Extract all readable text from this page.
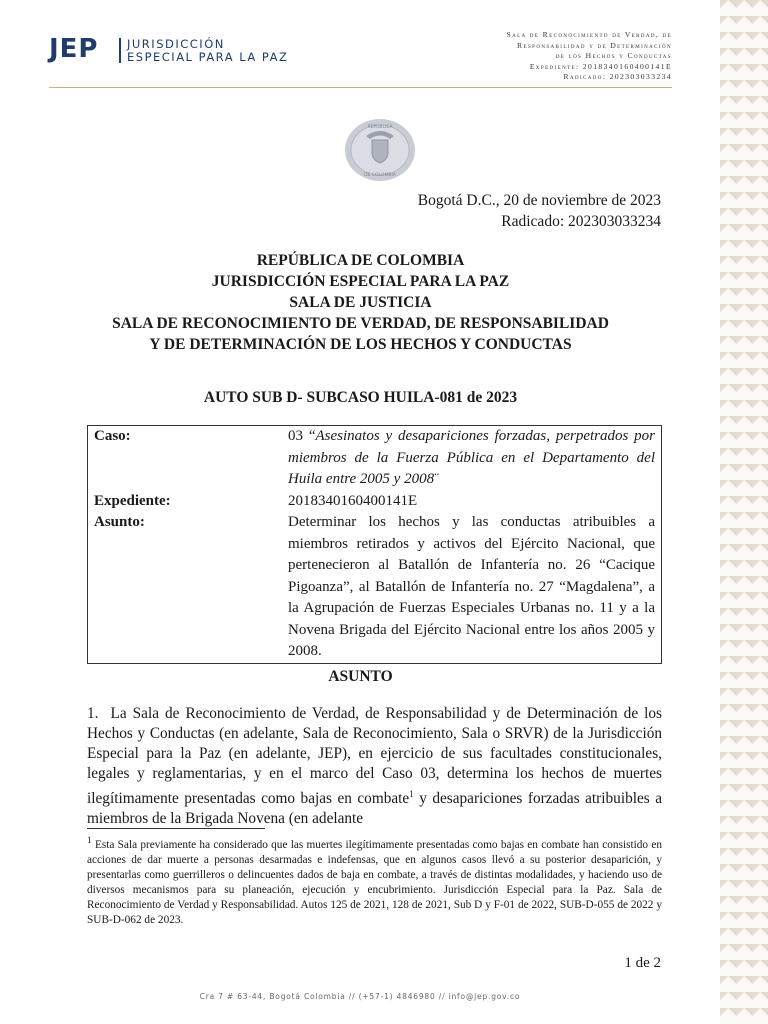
JEP JURISDICCIÓN
ESPECIAL PARA LA PAZ
Sala de Reconocimiento de Verdad, de
Responsabilidad y de Determinación
de los Hechos y Conductas
Expediente: 2018340160400141E
Radicado: 202303033234
REPÚBLICA
DE COLOMBIA
Bogotá D.C., 20 de noviembre de 2023
Radicado: 202303033234
REPÚBLICA DE COLOMBIA
JURISDICCIÓN ESPECIAL PARA LA PAZ
SALA DE JUSTICIA
SALA DE RECONOCIMIENTO DE VERDAD, DE RESPONSABILIDAD
Y DE DETERMINACIÓN DE LOS HECHOS Y CONDUCTAS
AUTO SUB D- SUBCASO HUILA-081 de 2023
Caso:	03 “Asesinatos y desapariciones forzadas, perpetrados por miembros de la Fuerza Pública en el Departamento del Huila entre 2005 y 2008¨
Expediente:	2018340160400141E
Asunto:	Determinar los hechos y las conductas atribuibles a miembros retirados y activos del Ejército Nacional, que pertenecieron al Batallón de Infantería no. 26 “Cacique Pigoanza”, al Batallón de Infantería no. 27 “Magdalena”, a la Agrupación de Fuerzas Especiales Urbanas no. 11 y a la Novena Brigada del Ejército Nacional entre los años 2005 y 2008.
ASUNTO
1. La Sala de Reconocimiento de Verdad, de Responsabilidad y de Determinación de los Hechos y Conductas (en adelante, Sala de Reconocimiento, Sala o SRVR) de la Jurisdicción Especial para la Paz (en adelante, JEP), en ejercicio de sus facultades constitucionales, legales y reglamentarias, y en el marco del Caso 03, determina los hechos de muertes ilegítimamente presentadas como bajas en combate$^1$ y desapariciones forzadas atribuibles a miembros de la Brigada Novena (en adelante
$^1$ Esta Sala previamente ha considerado que las muertes ilegítimamente presentadas como bajas en combate han consistido en acciones de dar muerte a personas desarmadas e indefensas, que en algunos casos llevó a su posterior desaparición, y presentarlas como guerrilleros o delincuentes dados de baja en combate, a través de distintas modalidades, y haciendo uso de diversos mecanismos para su planeación, ejecución y encubrimiento. Jurisdicción Especial para la Paz. Sala de Reconocimiento de Verdad y Responsabilidad. Autos 125 de 2021, 128 de 2021, Sub D y F-01 de 2022, SUB-D-055 de 2022 y SUB-D-062 de 2023.
1 de 2
Cra 7 # 63-44, Bogotá Colombia // (+57-1) 4846980 // info@jep.gov.co
